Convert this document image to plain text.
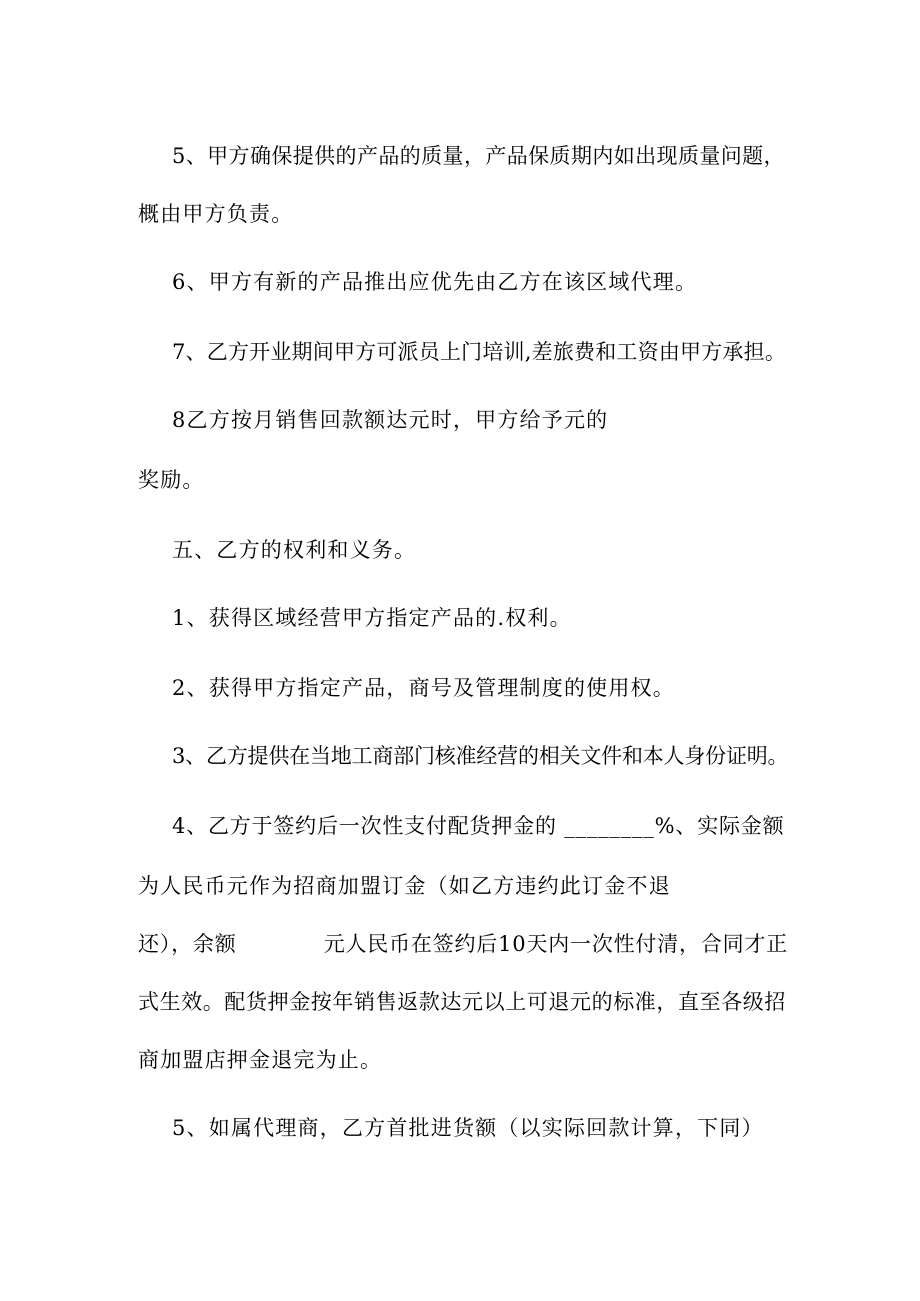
5、甲方确保提供的产品的质量，产品保质期内如出现质量问题，
概由甲方负责。
6、甲方有新的产品推出应优先由乙方在该区域代理。
7、乙方开业期间甲方可派员上门培训,差旅费和工资由甲方承担。
8乙方按月销售回款额达元时，甲方给予元的
奖励。
五、乙方的权利和义务。
1、获得区域经营甲方指定产品的.权利。
2、获得甲方指定产品，商号及管理制度的使用权。
3、乙方提供在当地工商部门核准经营的相关文件和本人身份证明。
4、乙方于签约后一次性支付配货押金的 ________%、实际金额
为人民币元作为招商加盟订金（如乙方违约此订金不退
还），余额　　　　元人民币在签约后10天内一次性付清，合同才正
式生效。配货押金按年销售返款达元以上可退元的标准，直至各级招
商加盟店押金退完为止。
5、如属代理商，乙方首批进货额（以实际回款计算，下同）
